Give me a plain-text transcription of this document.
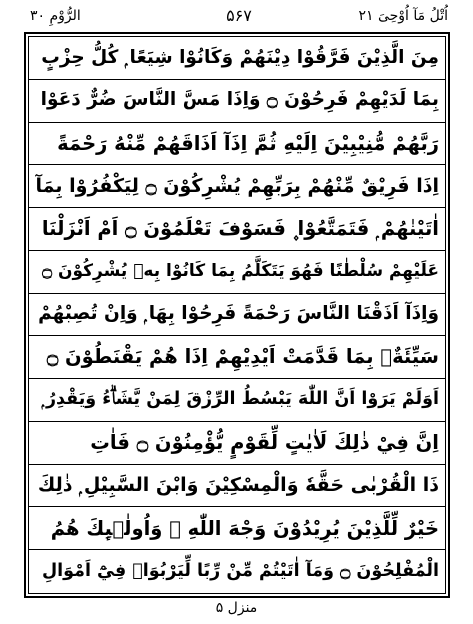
اُتْلُ مَآ اُوْحِیَ ۲۱
۵۶۷
الرُّوْمِ ۳۰
مِنَ الَّذِيْنَ فَرَّقُوْا دِيْنَهُمْ وَكَانُوْا شِيَعًا ۭ كُلُّ حِزْبٍ
بِمَا لَدَيْهِمْ فَرِحُوْنَ ۝ وَاِذَا مَسَّ النَّاسَ ضُرٌّ دَعَوْا
رَبَّهُمْ مُّنِيْبِيْنَ اِلَيْهِ ثُمَّ اِذَآ اَذَاقَهُمْ مِّنْهُ رَحْمَةً
اِذَا فَرِيْقٌ مِّنْهُمْ بِرَبِّهِمْ يُشْرِكُوْنَ ۝ لِيَكْفُرُوْا بِمَآ
اٰتَيْنٰهُمْ ۭ فَتَمَتَّعُوْا ۪ فَسَوْفَ تَعْلَمُوْنَ ۝ اَمْ اَنْزَلْنَا
عَلَيْهِمْ سُلْطٰنًا فَهُوَ يَتَكَلَّمُ بِمَا كَانُوْا بِهٖ يُشْرِكُوْنَ ۝
وَاِذَآ اَذَقْنَا النَّاسَ رَحْمَةً فَرِحُوْا بِهَا ۭ وَاِنْ تُصِبْهُمْ
سَيِّئَةٌۢ بِمَا قَدَّمَتْ اَيْدِيْهِمْ اِذَا هُمْ يَقْنَطُوْنَ ۝
اَوَلَمْ يَرَوْا اَنَّ اللّٰهَ يَبْسُطُ الرِّزْقَ لِمَنْ يَّشَاۗءُ وَيَقْدِرُ ۭ
اِنَّ فِيْ ذٰلِكَ لَاٰيٰتٍ لِّقَوْمٍ يُّؤْمِنُوْنَ ۝ فَاٰتِ
ذَا الْقُرْبٰى حَقَّهٗ وَالْمِسْكِيْنَ وَابْنَ السَّبِيْلِ ۭ ذٰلِكَ
خَيْرٌ لِّلَّذِيْنَ يُرِيْدُوْنَ وَجْهَ اللّٰهِ ۡ وَاُولٰۗىِٕكَ هُمُ
الْمُفْلِحُوْنَ ۝ وَمَآ اٰتَيْتُمْ مِّنْ رِّبًا لِّيَرْبُوَا۟ فِيْٓ اَمْوَالِ
منزل ۵
